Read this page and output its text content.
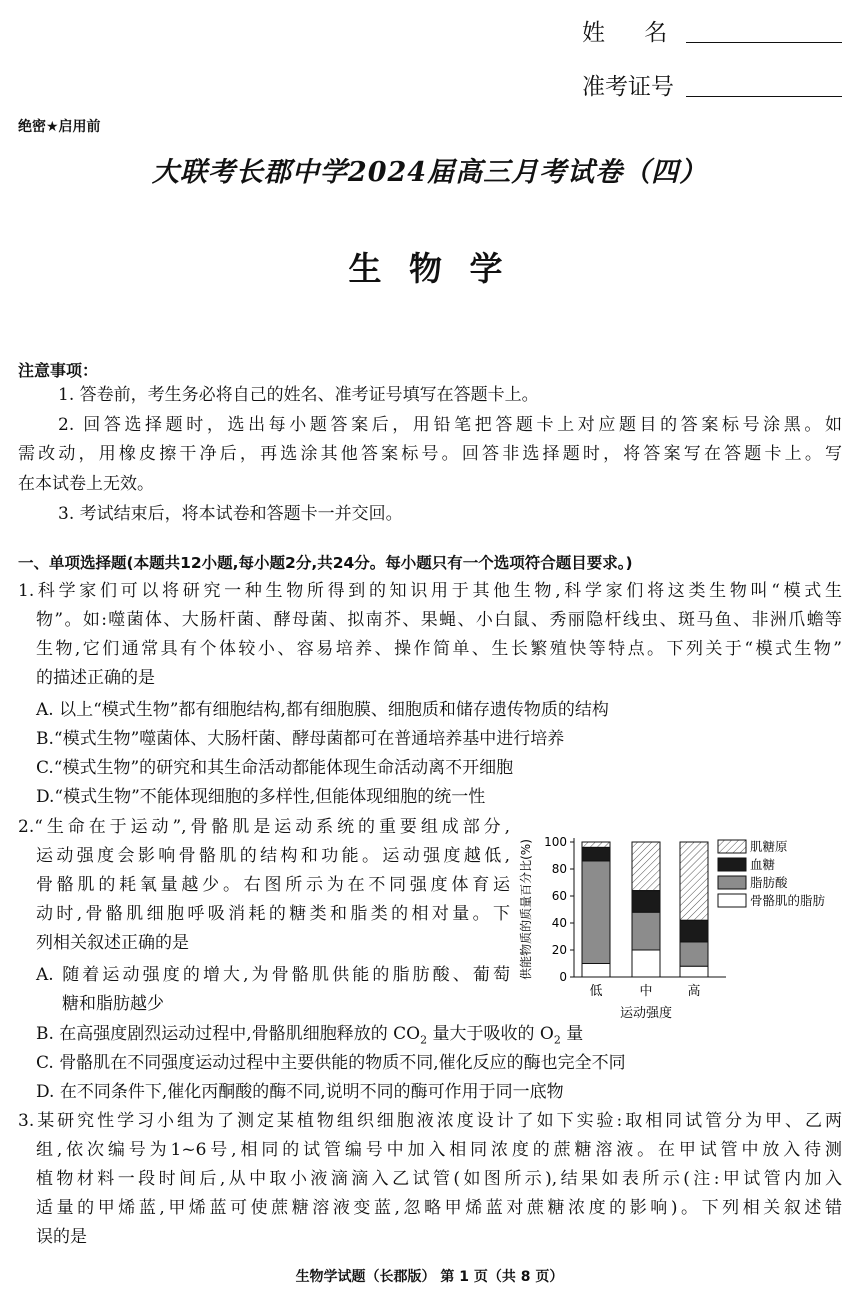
姓    名
准考证号
绝密★启用前
大联考长郡中学2024届高三月考试卷（四）
生 物 学
注意事项：
1. 答卷前，考生务必将自己的姓名、准考证号填写在答题卡上。
2. 回答选择题时，选出每小题答案后，用铅笔把答题卡上对应题目的答案标号涂黑。如
需改动，用橡皮擦干净后，再选涂其他答案标号。回答非选择题时，将答案写在答题卡上。写
在本试卷上无效。
3. 考试结束后，将本试卷和答题卡一并交回。
一、单项选择题(本题共12小题,每小题2分,共24分。每小题只有一个选项符合题目要求。)
1.科学家们可以将研究一种生物所得到的知识用于其他生物,科学家们将这类生物叫“模式生
物”。如:噬菌体、大肠杆菌、酵母菌、拟南芥、果蝇、小白鼠、秀丽隐杆线虫、斑马鱼、非洲爪蟾等
生物,它们通常具有个体较小、容易培养、操作简单、生长繁殖快等特点。下列关于“模式生物”
的描述正确的是
A. 以上“模式生物”都有细胞结构,都有细胞膜、细胞质和储存遗传物质的结构
B.“模式生物”噬菌体、大肠杆菌、酵母菌都可在普通培养基中进行培养
C.“模式生物”的研究和其生命活动都能体现生命活动离不开细胞
D.“模式生物”不能体现细胞的多样性,但能体现细胞的统一性
2.“生命在于运动”,骨骼肌是运动系统的重要组成部分,
运动强度会影响骨骼肌的结构和功能。运动强度越低,
骨骼肌的耗氧量越少。右图所示为在不同强度体育运
动时,骨骼肌细胞呼吸消耗的糖类和脂类的相对量。下
列相关叙述正确的是
A. 随着运动强度的增大,为骨骼肌供能的脂肪酸、葡萄
糖和脂肪越少
B. 在高强度剧烈运动过程中,骨骼肌细胞释放的 $CO_2$ 量大于吸收的 $O_2$ 量
C. 骨骼肌在不同强度运动过程中主要供能的物质不同,催化反应的酶也完全不同
D. 在不同条件下,催化丙酮酸的酶不同,说明不同的酶可作用于同一底物
0
20
40
60
80
100
供能物质的质量百分比(%)
低	中	高
运动强度
肌糖原
血糖
脂肪酸
骨骼肌的脂肪
3.某研究性学习小组为了测定某植物组织细胞液浓度设计了如下实验:取相同试管分为甲、乙两
组,依次编号为1~6号,相同的试管编号中加入相同浓度的蔗糖溶液。在甲试管中放入待测
植物材料一段时间后,从中取小液滴滴入乙试管(如图所示),结果如表所示(注:甲试管内加入
适量的甲烯蓝,甲烯蓝可使蔗糖溶液变蓝,忽略甲烯蓝对蔗糖浓度的影响)。下列相关叙述错
误的是
生物学试题（长郡版） 第 1 页（共 8 页）
